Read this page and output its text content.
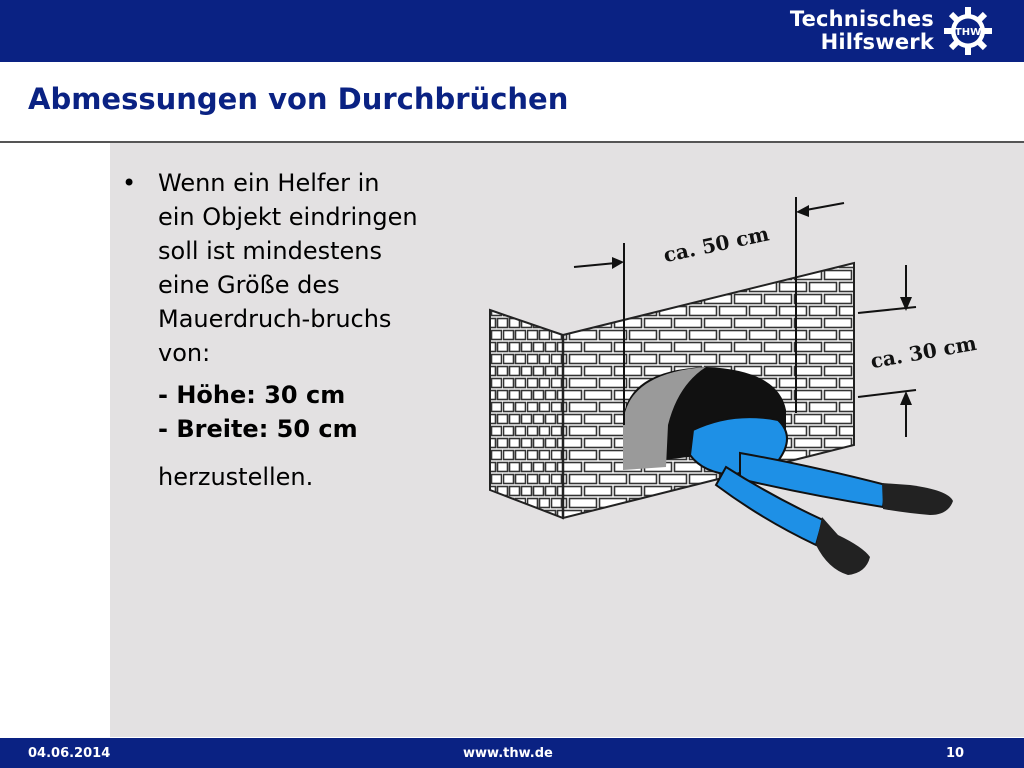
Technisches
Hilfswerk THW
Abmessungen von Durchbrüchen
• Wenn ein Helfer in ein Objekt eindringen soll ist mindestens eine Größe des Mauerdruch-bruchs von:
- Höhe: 30 cm
- Breite: 50 cm
herzustellen.
ca. 50 cm
ca. 30 cm
04.06.2014	www.thw.de	10
